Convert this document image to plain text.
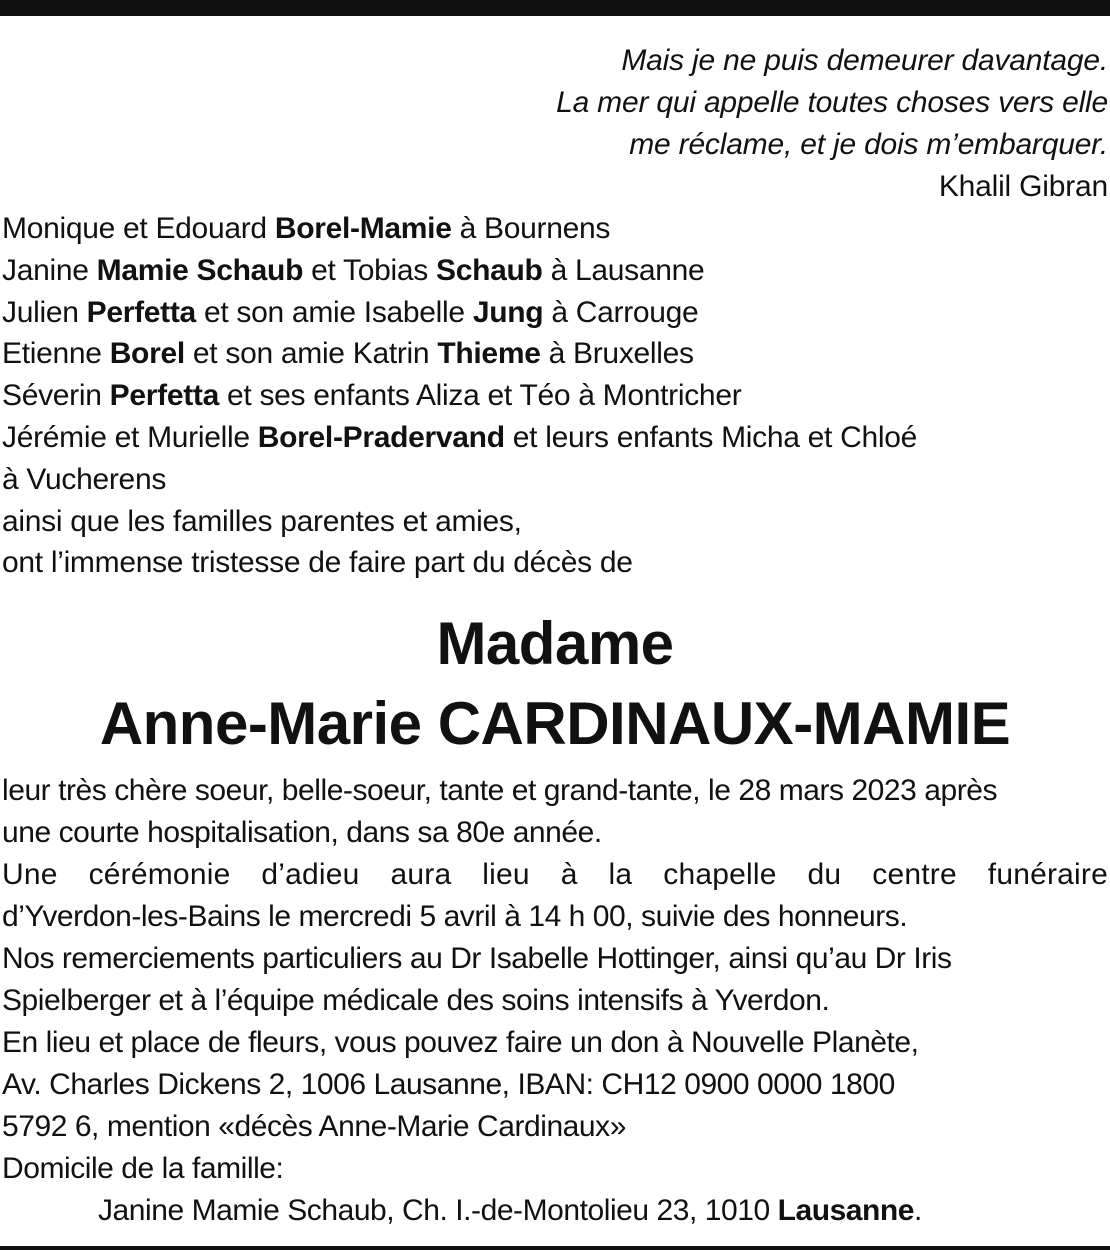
Mais je ne puis demeurer davantage.
La mer qui appelle toutes choses vers elle
me réclame, et je dois m’embarquer.
Khalil Gibran
Monique et Edouard Borel-Mamie à Bournens
Janine Mamie Schaub et Tobias Schaub à Lausanne
Julien Perfetta et son amie Isabelle Jung à Carrouge
Etienne Borel et son amie Katrin Thieme à Bruxelles
Séverin Perfetta et ses enfants Aliza et Téo à Montricher
Jérémie et Murielle Borel-Pradervand et leurs enfants Micha et Chloé
à Vucherens
ainsi que les familles parentes et amies,
ont l’immense tristesse de faire part du décès de
Madame
Anne-Marie CARDINAUX-MAMIE
leur très chère soeur, belle-soeur, tante et grand-tante, le 28 mars 2023 après
une courte hospitalisation, dans sa 80e année.
Une cérémonie d’adieu aura lieu à la chapelle du centre funéraire
d’Yverdon-les-Bains le mercredi 5 avril à 14 h 00, suivie des honneurs.
Nos remerciements particuliers au Dr Isabelle Hottinger, ainsi qu’au Dr Iris
Spielberger et à l’équipe médicale des soins intensifs à Yverdon.
En lieu et place de fleurs, vous pouvez faire un don à Nouvelle Planète,
Av. Charles Dickens 2, 1006 Lausanne, IBAN: CH12 0900 0000 1800
5792 6, mention «décès Anne-Marie Cardinaux»
Domicile de la famille:
Janine Mamie Schaub, Ch. I.-de-Montolieu 23, 1010 Lausanne.
